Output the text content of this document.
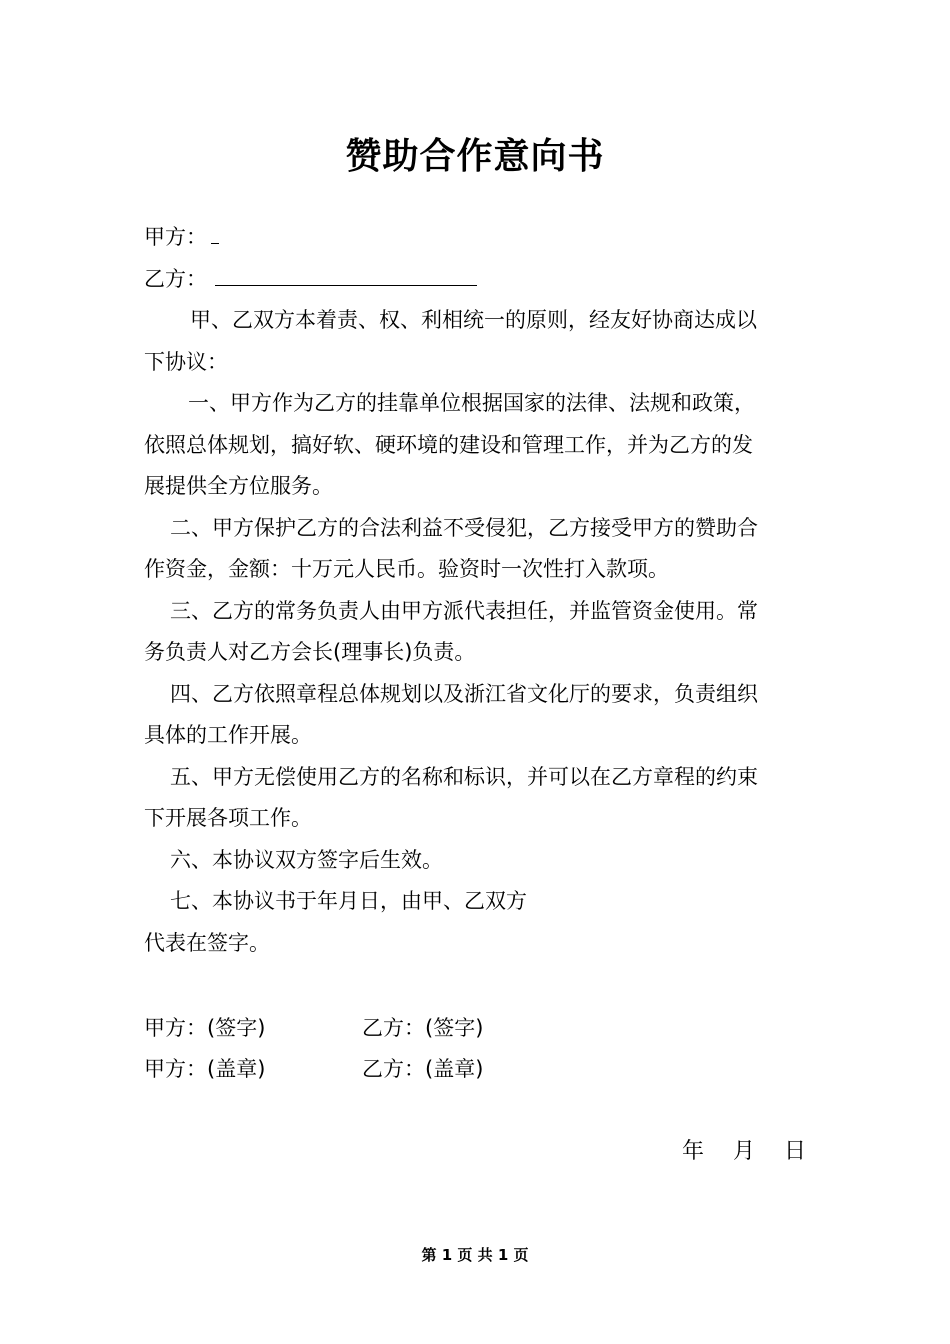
赞助合作意向书
甲方：
乙方：
甲、乙双方本着责、权、利相统一的原则，经友好协商达成以
下协议：
一、甲方作为乙方的挂靠单位根据国家的法律、法规和政策，
依照总体规划，搞好软、硬环境的建设和管理工作，并为乙方的发
展提供全方位服务。
二、甲方保护乙方的合法利益不受侵犯，乙方接受甲方的赞助合
作资金，金额：十万元人民币。验资时一次性打入款项。
三、乙方的常务负责人由甲方派代表担任，并监管资金使用。常
务负责人对乙方会长(理事长)负责。
四、乙方依照章程总体规划以及浙江省文化厅的要求，负责组织
具体的工作开展。
五、甲方无偿使用乙方的名称和标识，并可以在乙方章程的约束
下开展各项工作。
六、本协议双方签字后生效。
七、本协议书于年月日，由甲、乙双方
代表在签字。
甲方：(签字)	乙方：(签字)
甲方：(盖章)	乙方：(盖章)
年 月 日
第 1 页 共 1 页
